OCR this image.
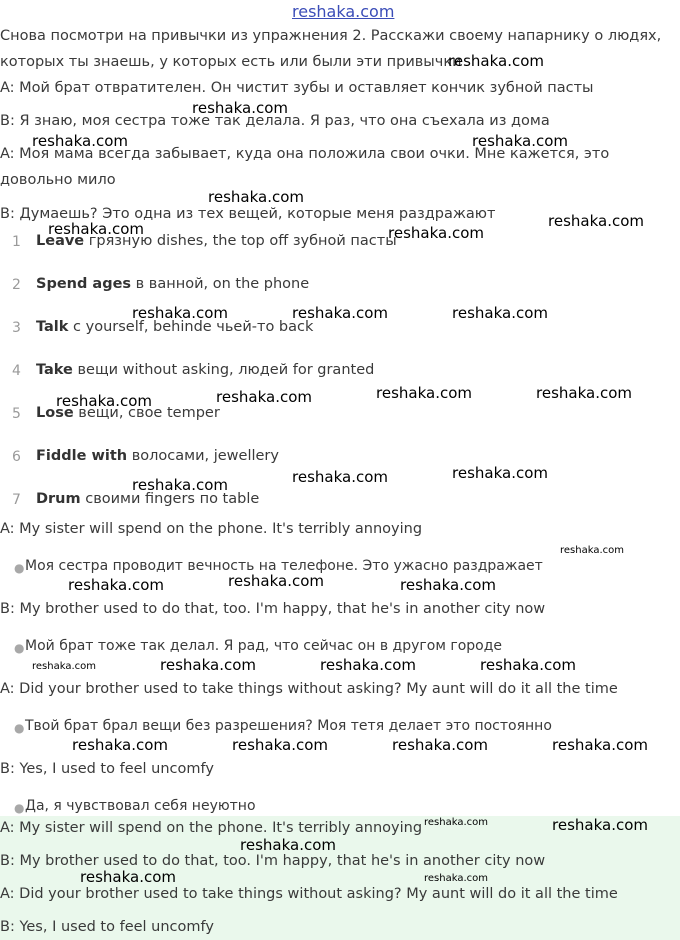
reshaka.com
Снова посмотри на привычки из упражнения 2. Расскажи своему напарнику о людях, которых ты знаешь, у которых есть или были эти привычки
A: Мой брат отвратителен. Он чистит зубы и оставляет кончик зубной пасты
B: Я знаю, моя сестра тоже так делала. Я раз, что она съехала из дома
A: Моя мама всегда забывает, куда она положила свои очки. Мне кажется, это довольно мило
B: Думаешь? Это одна из тех вещей, которые меня раздражают
1 Leave грязную dishes, the top off зубной пасты
2 Spend ages в ванной, on the phone
3 Talk с yourself, behinde чьей-то back
4 Take вещи without asking, людей for granted
5 Lose вещи, свое temper
6 Fiddle with волосами, jewellery
7 Drum своими fingers по table
A: My sister will spend on the phone. It's terribly annoying
● Моя сестра проводит вечность на телефоне. Это ужасно раздражает
B: My brother used to do that, too. I'm happy, that he's in another city now
● Мой брат тоже так делал. Я рад, что сейчас он в другом городе
A: Did your brother used to take things without asking? My aunt will do it all the time
● Твой брат брал вещи без разрешения? Моя тетя делает это постоянно
B: Yes, I used to feel uncomfy
● Да, я чувствовал себя неуютно
A: My sister will spend on the phone. It's terribly annoying
B: My brother used to do that, too. I'm happy, that he's in another city now
A: Did your brother used to take things without asking? My aunt will do it all the time
B: Yes, I used to feel uncomfy
reshaka.com
reshaka.com
reshaka.com	reshaka.com
reshaka.com
reshaka.com
reshaka.com	reshaka.com
reshaka.com	reshaka.com	reshaka.com
reshaka.com	reshaka.com
reshaka.com
reshaka.com
reshaka.com
reshaka.com
reshaka.com
reshaka.com
reshaka.com
reshaka.com	reshaka.com
reshaka.com	reshaka.com	reshaka.com	reshaka.com
reshaka.com	reshaka.com	reshaka.com	reshaka.com
reshaka.com	reshaka.com
reshaka.com
reshaka.com	reshaka.com
